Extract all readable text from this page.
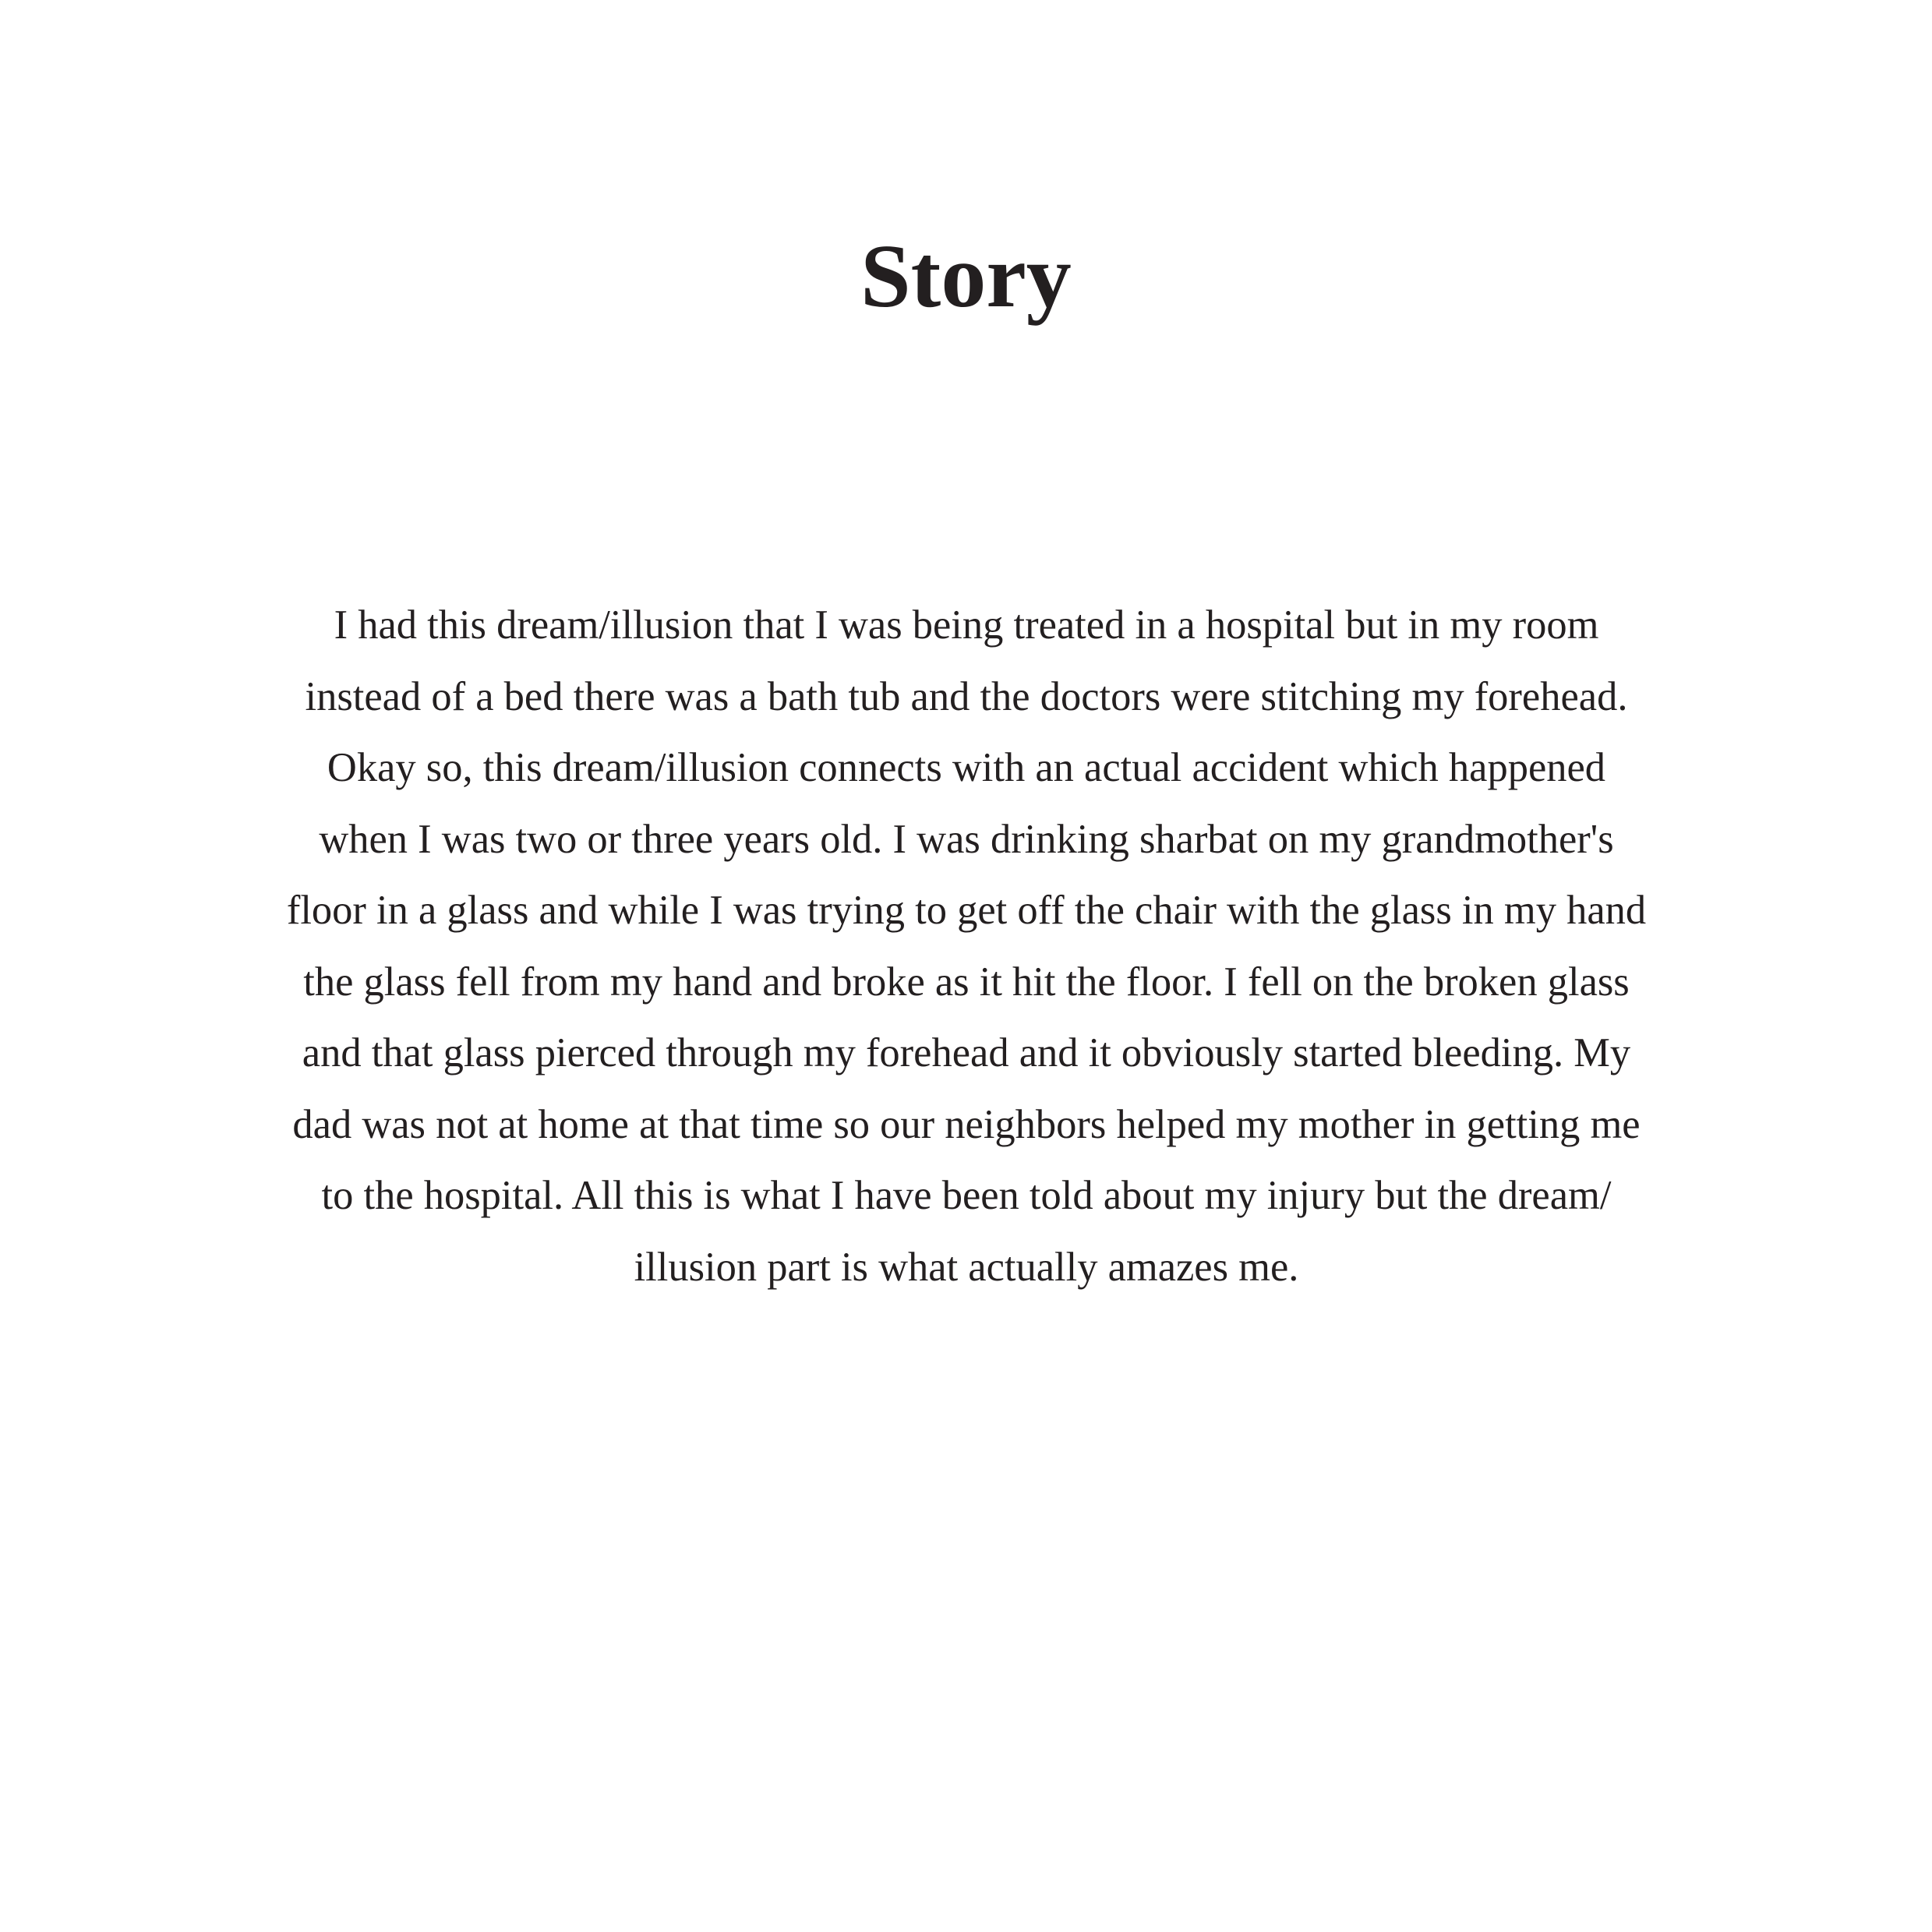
Story
I had this dream/illusion that I was being treated in a hospital but in my room
instead of a bed there was a bath tub and the doctors were stitching my forehead.
Okay so, this dream/illusion connects with an actual accident which happened
when I was two or three years old. I was drinking sharbat on my grandmother's
floor in a glass and while I was trying to get off the chair with the glass in my hand
the glass fell from my hand and broke as it hit the floor. I fell on the broken glass
and that glass pierced through my forehead and it obviously started bleeding. My
dad was not at home at that time so our neighbors helped my mother in getting me
to the hospital. All this is what I have been told about my injury but the dream/
illusion part is what actually amazes me.
